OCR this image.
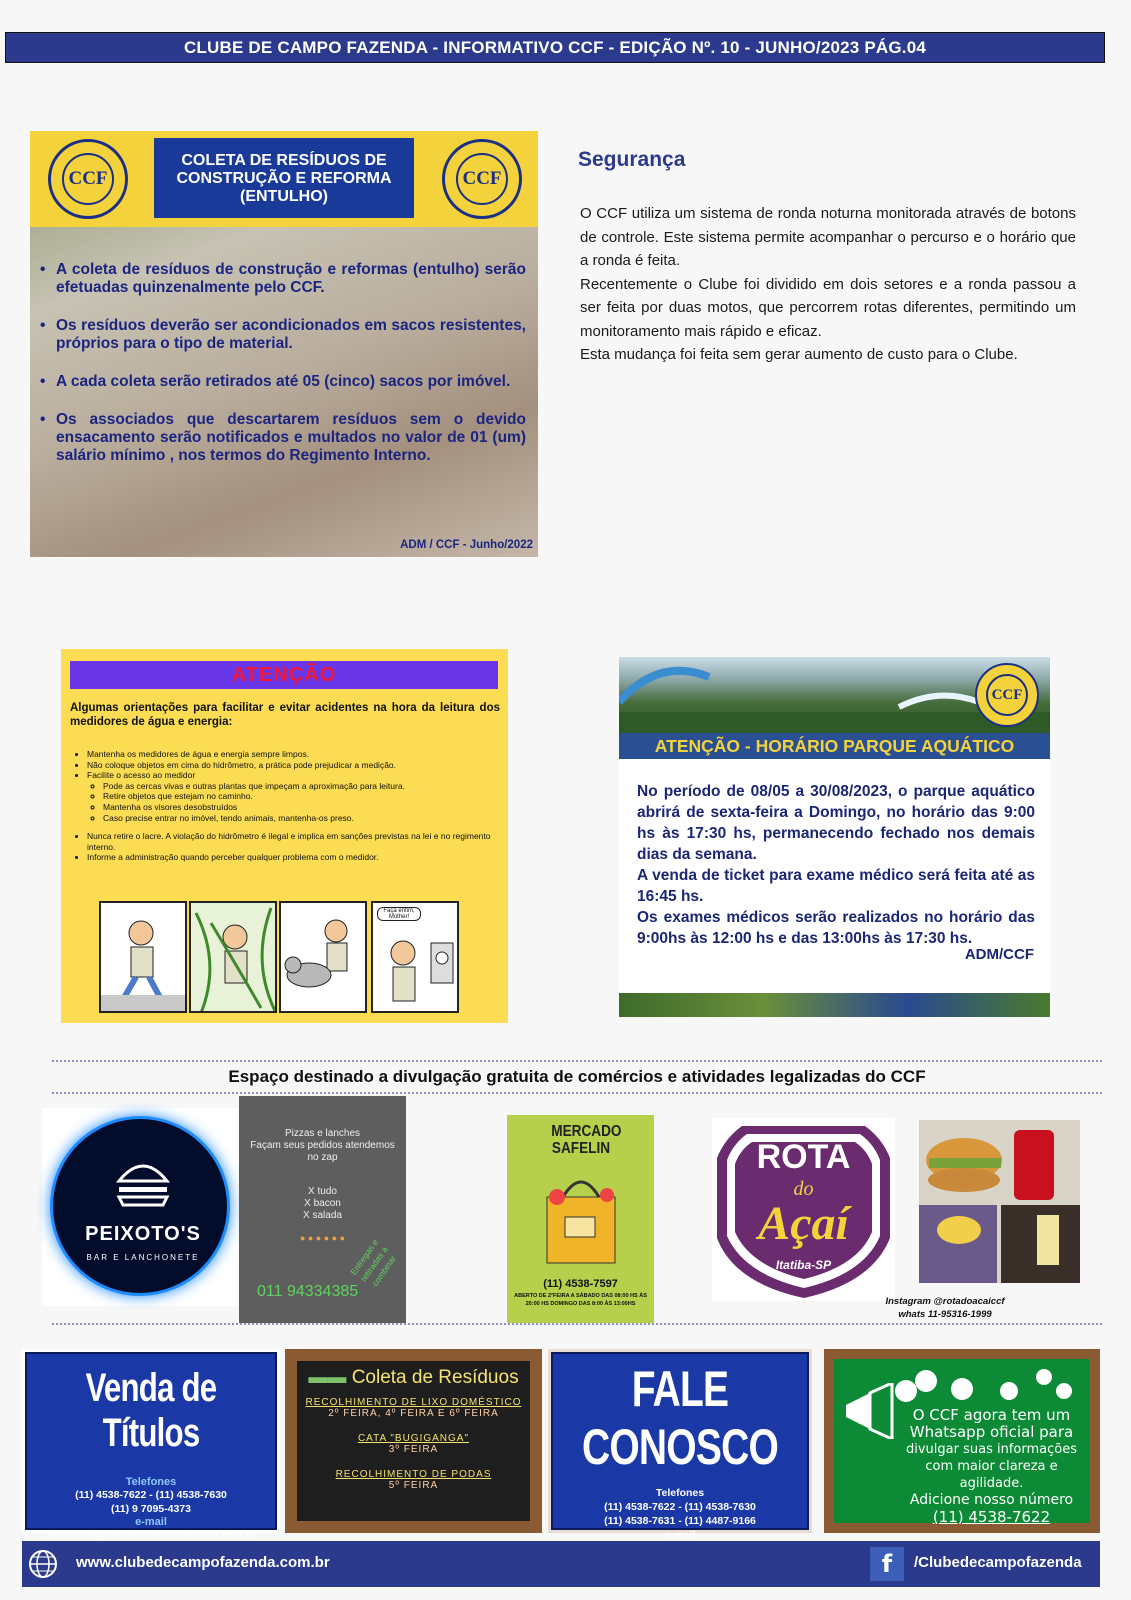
CLUBE DE CAMPO FAZENDA - INFORMATIVO CCF - EDIÇÃO Nº. 10 - JUNHO/2023 PÁG.04
CCF	CCF
COLETA DE RESÍDUOS DE CONSTRUÇÃO E REFORMA (ENTULHO)
• A coleta de resíduos de construção e reformas (entulho) serão efetuadas quinzenalmente pelo CCF.
• Os resíduos deverão ser acondicionados em sacos resistentes, próprios para o tipo de material.
• A cada coleta serão retirados até 05 (cinco) sacos por imóvel.
• Os associados que descartarem resíduos sem o devido ensacamento serão notificados e multados no valor de 01 (um) salário mínimo , nos termos do Regimento Interno.
ADM / CCF - Junho/2022
Segurança

O CCF utiliza um sistema de ronda noturna monitorada através de botons de controle. Este sistema permite acompanhar o percurso e o horário que a ronda é feita.

Recentemente o Clube foi dividido em dois setores e a ronda passou a ser feita por duas motos, que percorrem rotas diferentes, permitindo um monitoramento mais rápido e eficaz.

Esta mudança foi feita sem gerar aumento de custo para o Clube.

ATENÇÃO
Algumas orientações para facilitar e evitar acidentes na hora da leitura dos medidores de água e energia:
• Mantenha os medidores de água e energia sempre limpos.
• Não coloque objetos em cima do hidrômetro, a prática pode prejudicar a medição.
• Facilite o acesso ao medidor
◦ Pode as cercas vivas e outras plantas que impeçam a aproximação para leitura.
◦ Retire objetos que estejam no caminho.
◦ Mantenha os visores desobstruídos
◦ Caso precise entrar no imóvel, tendo animais, mantenha-os preso.
• Nunca retire o lacre. A violação do hidrômetro é ilegal e implica em sanções previstas na lei e no regimento interno.
• Informe a administração quando perceber qualquer problema com o medidor.
Faça enfim, Mother!
CCF
ATENÇÃO - HORÁRIO PARQUE AQUÁTICO
No período de 08/05 a 30/08/2023, o parque aquático abrirá de sexta-feira a Domingo, no horário das 9:00 hs às 17:30 hs, permanecendo fechado nos demais dias da semana.
A venda de ticket para exame médico será feita até as 16:45 hs.
Os exames médicos serão realizados no horário das 9:00hs às 12:00 hs e das 13:00hs às 17:30 hs.
ADM/CCF
Espaço destinado a divulgação gratuita de comércios e atividades legalizadas do CCF
PEIXOTO'S
BAR E LANCHONETE
Pizzas e lanches
Façam seus pedidos atendemos no zap
X tudo
X bacon
X salada
● ● ● ● ● ● Entregas e retiradas a combinar
011 94334385
MERCADO SAFELIN
(11) 4538-7597
ABERTO DE 2ªFEIRA A SÁBADO DAS 08:00 HS ÀS 20:00 HS DOMINGO DAS 8:00 ÀS 13:00HS
ROTA
do
Açaí
Itatiba-SP
Instagram @rotadoacaiccf
whats 11-95316-1999
Venda de Títulos
Telefones
(11) 4538-7622 - (11) 4538-7630
(11) 9 7095-4373
e-mail
secretaria@clubedecampofazenda.com.br
▬▬ Coleta de Resíduos
RECOLHIMENTO DE LIXO DOMÉSTICO
2º FEIRA, 4º FEIRA E 6º FEIRA
CATA "BUGIGANGA"
3º FEIRA
RECOLHIMENTO DE PODAS
5º FEIRA
FALE CONOSCO
Telefones
(11) 4538-7622 - (11) 4538-7630
(11) 4538-7631 - (11) 4487-9166
e-mail
O CCF agora tem um
Whatsapp oficial para
divulgar suas informações
com maior clareza e agilidade.
Adicione nosso número
(11) 4538-7622
www.clubedecampofazenda.com.br	f	/Clubedecampofazenda
